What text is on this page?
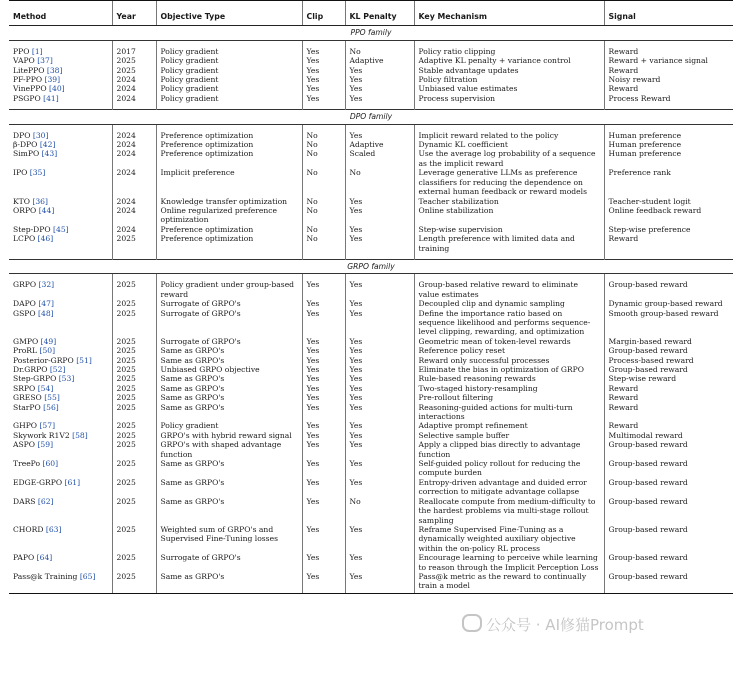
Method	Year	Objective Type	Clip	KL Penalty	Key Mechanism	Signal
PPO family						

PPO [1]	2017	Policy gradient	Yes	No	Policy ratio clipping	Reward
VAPO [37]	2025	Policy gradient	Yes	Adaptive	Adaptive KL penalty + variance control	Reward + variance signal
LitePPO [38]	2025	Policy gradient	Yes	Yes	Stable advantage updates	Reward
PF-PPO [39]	2024	Policy gradient	Yes	Yes	Policy filtration	Noisy reward
VinePPO [40]	2024	Policy gradient	Yes	Yes	Unbiased value estimates	Reward
PSGPO [41]	2024	Policy gradient	Yes	Yes	Process supervision	Process Reward

DPO family						

DPO [30]	2024	Preference optimization	No	Yes	Implicit reward related to the policy	Human preference
β-DPO [42]	2024	Preference optimization	No	Adaptive	Dynamic KL coefficient	Human preference
SimPO [43]	2024	Preference optimization	No	Scaled	Use the average log probability of a sequence as the implicit reward	Human preference
IPO [35]	2024	Implicit preference	No	No	Leverage generative LLMs as preference classifiers for reducing the dependence on external human feedback or reward models	Preference rank
KTO [36]	2024	Knowledge transfer optimization	No	Yes	Teacher stabilization	Teacher-student logit
ORPO [44]	2024	Online regularized preference optimization	No	Yes	Online stabilization	Online feedback reward
Step-DPO [45]	2024	Preference optimization	No	Yes	Step-wise supervision	Step-wise preference
LCPO [46]	2025	Preference optimization	No	Yes	Length preference with limited data and training	Reward

GRPO family						

GRPO [32]	2025	Policy gradient under group-based reward	Yes	Yes	Group-based relative reward to eliminate value estimates	Group-based reward
DAPO [47]	2025	Surrogate of GRPO's	Yes	Yes	Decoupled clip and dynamic sampling	Dynamic group-based reward
GSPO [48]	2025	Surrogate of GRPO's	Yes	Yes	Define the importance ratio based on sequence likelihood and performs sequence-level clipping, rewarding, and optimization	Smooth group-based reward
GMPO [49]	2025	Surrogate of GRPO's	Yes	Yes	Geometric mean of token-level rewards	Margin-based reward
ProRL [50]	2025	Same as GRPO's	Yes	Yes	Reference policy reset	Group-based reward
Posterior-GRPO [51]	2025	Same as GRPO's	Yes	Yes	Reward only successful processes	Process-based reward
Dr.GRPO [52]	2025	Unbiased GRPO objective	Yes	Yes	Eliminate the bias in optimization of GRPO	Group-based reward
Step-GRPO [53]	2025	Same as GRPO's	Yes	Yes	Rule-based reasoning rewards	Step-wise reward
SRPO [54]	2025	Same as GRPO's	Yes	Yes	Two-staged history-resampling	Reward
GRESO [55]	2025	Same as GRPO's	Yes	Yes	Pre-rollout filtering	Reward
StarPO [56]	2025	Same as GRPO's	Yes	Yes	Reasoning-guided actions for multi-turn interactions	Reward
GHPO [57]	2025	Policy gradient	Yes	Yes	Adaptive prompt refinement	Reward
Skywork R1V2 [58]	2025	GRPO's with hybrid reward signal	Yes	Yes	Selective sample buffer	Multimodal reward
ASPO [59]	2025	GRPO's with shaped advantage function	Yes	Yes	Apply a clipped bias directly to advantage function	Group-based reward
TreePo [60]	2025	Same as GRPO's	Yes	Yes	Self-guided policy rollout for reducing the compute burden	Group-based reward
EDGE-GRPO [61]	2025	Same as GRPO's	Yes	Yes	Entropy-driven advantage and duided error correction to mitigate advantage collapse	Group-based reward
DARS [62]	2025	Same as GRPO's	Yes	No	Reallocate compute from medium-difficulty to the hardest problems via multi-stage rollout sampling	Group-based reward
CHORD [63]	2025	Weighted sum of GRPO's and Supervised Fine-Tuning losses	Yes	Yes	Reframe Supervised Fine-Tuning as a dynamically weighted auxiliary objective within the on-policy RL process	Group-based reward
PAPO [64]	2025	Surrogate of GRPO's	Yes	Yes	Encourage learning to perceive while learning to reason through the Implicit Perception Loss	Group-based reward
Pass@k Training [65]	2025	Same as GRPO's	Yes	Yes	Pass@k metric as the reward to continually train a model	Group-based reward
公众号 · AI修猫Prompt
